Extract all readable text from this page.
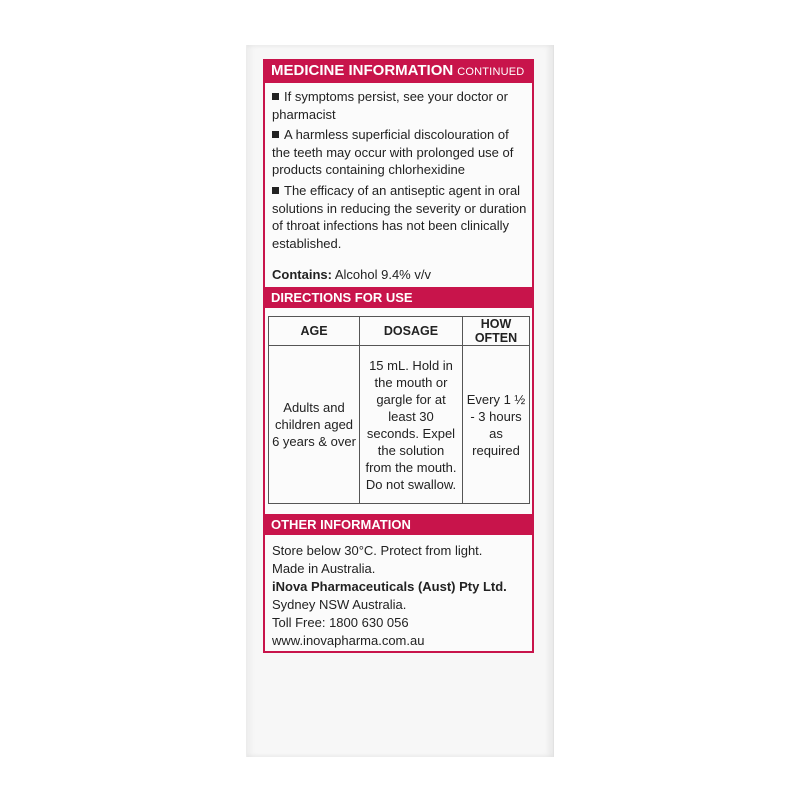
MEDICINE INFORMATION CONTINUED
If symptoms persist, see your doctor or pharmacist
A harmless superficial discolouration of the teeth may occur with prolonged use of products containing chlorhexidine
The efficacy of an antiseptic agent in oral solutions in reducing the severity or duration of throat infections has not been clinically established.
Contains: Alcohol 9.4% v/v
DIRECTIONS FOR USE
AGE	DOSAGE	HOW OFTEN
Adults and children aged 6 years & over	15 mL. Hold in the mouth or gargle for at least 30 seconds. Expel the solution from the mouth. Do not swallow.	Every 1 ½ - 3 hours as required
OTHER INFORMATION
Store below 30°C. Protect from light.
Made in Australia.
iNova Pharmaceuticals (Aust) Pty Ltd.
Sydney NSW Australia.
Toll Free: 1800 630 056
www.inovapharma.com.au
